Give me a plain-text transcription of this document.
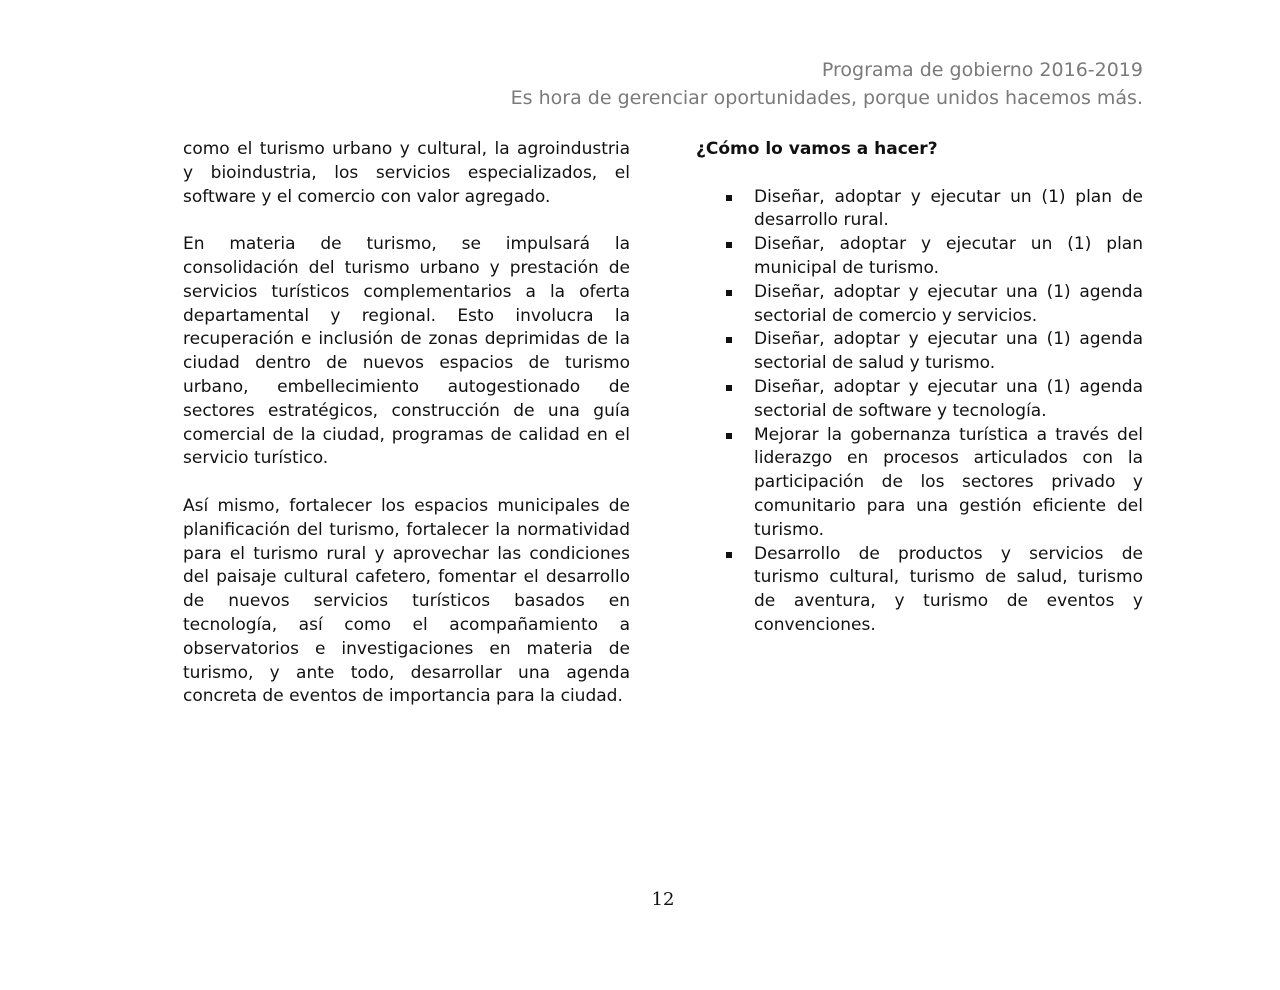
Programa de gobierno 2016-2019
Es hora de gerenciar oportunidades, porque unidos hacemos más.

como el turismo urbano y cultural, la agroindustria y bioindustria, los servicios especializados, el software y el comercio con valor agregado.

En materia de turismo, se impulsará la consolidación del turismo urbano y prestación de servicios turísticos complementarios a la oferta departamental y regional. Esto involucra la recuperación e inclusión de zonas deprimidas de la ciudad dentro de nuevos espacios de turismo urbano, embellecimiento autogestionado de sectores estratégicos, construcción de una guía comercial de la ciudad, programas de calidad en el servicio turístico.

Así mismo, fortalecer los espacios municipales de planificación del turismo, fortalecer la normatividad para el turismo rural y aprovechar las condiciones del paisaje cultural cafetero, fomentar el desarrollo de nuevos servicios turísticos basados en tecnología, así como el acompañamiento a observatorios e investigaciones en materia de turismo, y ante todo, desarrollar una agenda concreta de eventos de importancia para la ciudad.

¿Cómo lo vamos a hacer?
Diseñar, adoptar y ejecutar un (1) plan de desarrollo rural.
Diseñar, adoptar y ejecutar un (1) plan municipal de turismo.
Diseñar, adoptar y ejecutar una (1) agenda sectorial de comercio y servicios.
Diseñar, adoptar y ejecutar una (1) agenda sectorial de salud y turismo.
Diseñar, adoptar y ejecutar una (1) agenda sectorial de software y tecnología.
Mejorar la gobernanza turística a través del liderazgo en procesos articulados con la participación de los sectores privado y comunitario para una gestión eficiente del turismo.
Desarrollo de productos y servicios de turismo cultural, turismo de salud, turismo de aventura, y turismo de eventos y convenciones.
12
